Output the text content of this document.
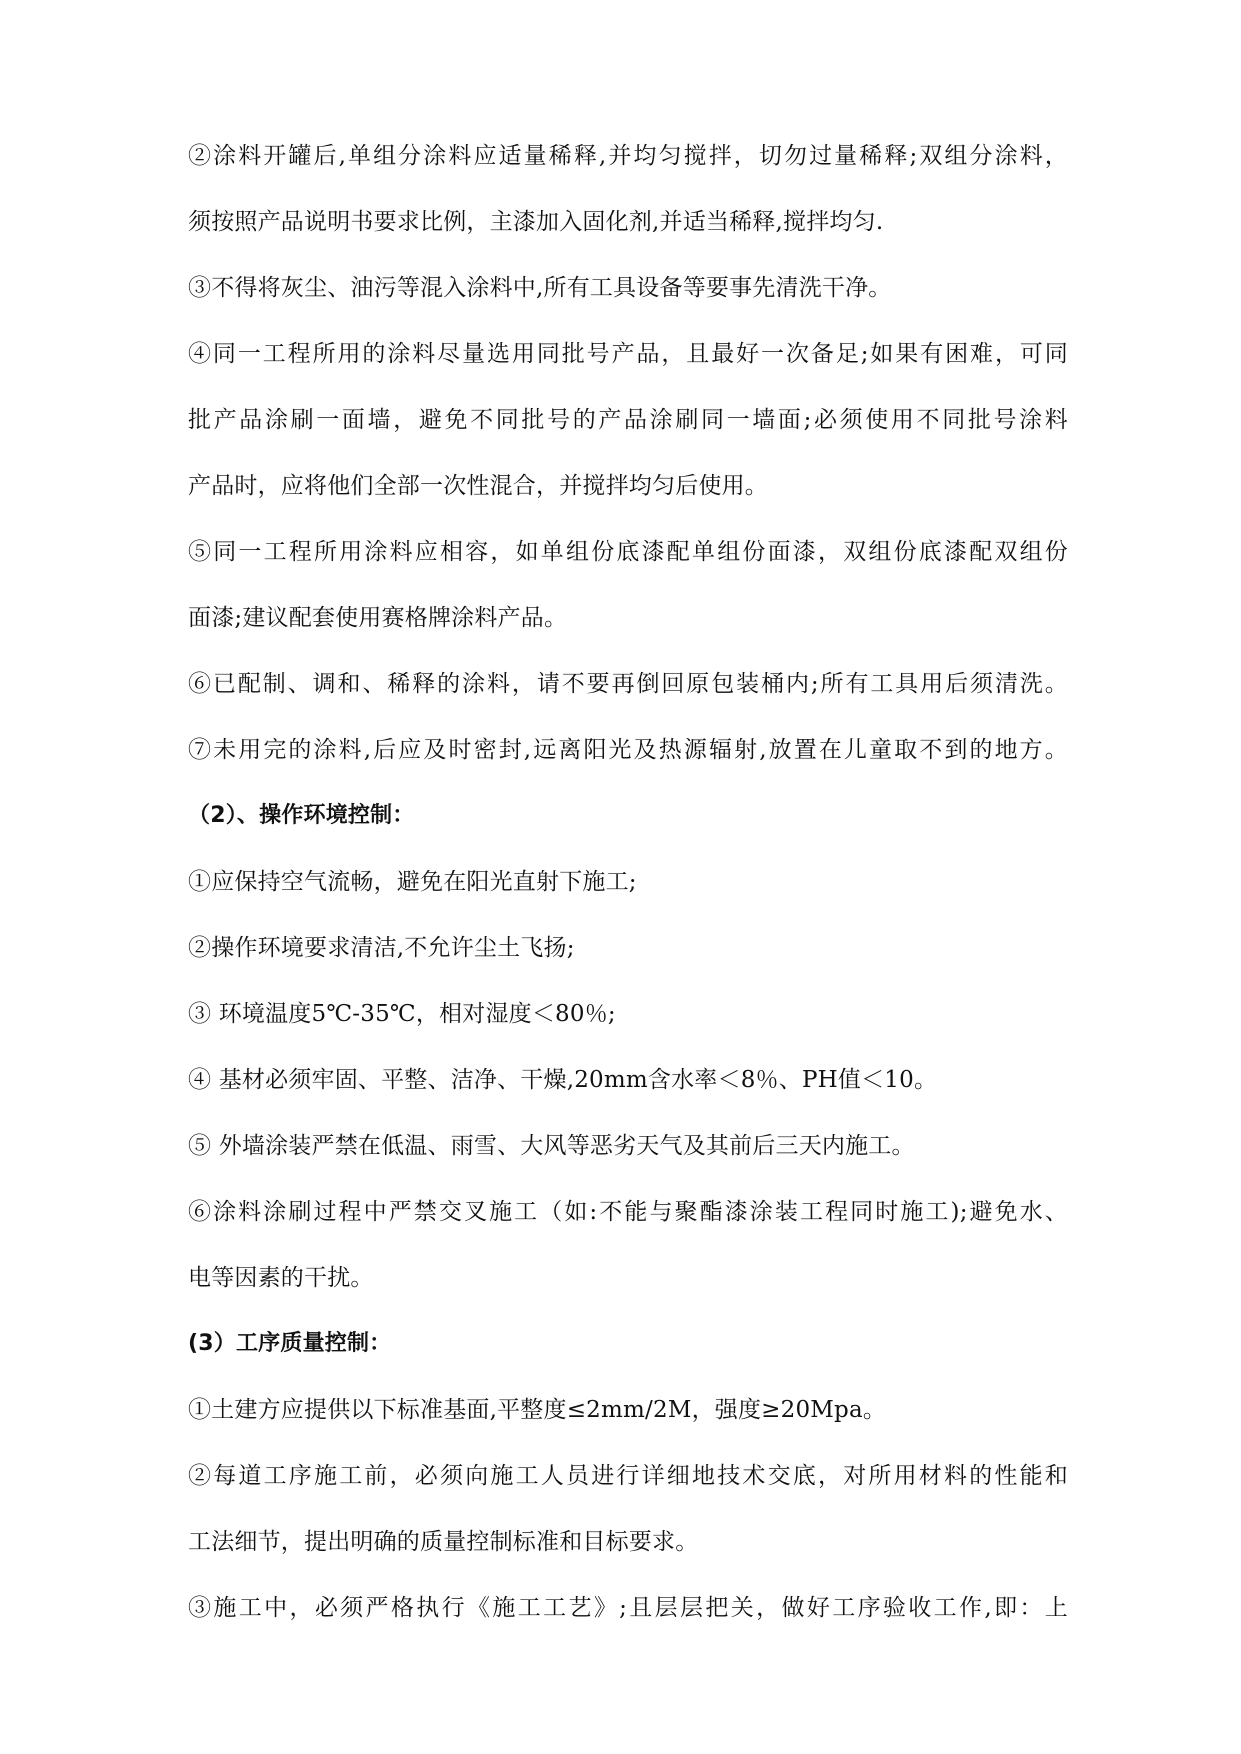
②涂料开罐后,单组分涂料应适量稀释,并均匀搅拌，切勿过量稀释;双组分涂料，

须按照产品说明书要求比例，主漆加入固化剂,并适当稀释,搅拌均匀.

③不得将灰尘、油污等混入涂料中,所有工具设备等要事先清洗干净。

④同一工程所用的涂料尽量选用同批号产品，且最好一次备足;如果有困难，可同

批产品涂刷一面墙，避免不同批号的产品涂刷同一墙面;必须使用不同批号涂料

产品时，应将他们全部一次性混合，并搅拌均匀后使用。

⑤同一工程所用涂料应相容，如单组份底漆配单组份面漆，双组份底漆配双组份

面漆;建议配套使用赛格牌涂料产品。

⑥已配制、调和、稀释的涂料，请不要再倒回原包装桶内;所有工具用后须清洗。

⑦未用完的涂料,后应及时密封,远离阳光及热源辐射,放置在儿童取不到的地方。

（2）、操作环境控制：

①应保持空气流畅，避免在阳光直射下施工;

②操作环境要求清洁,不允许尘土飞扬;

③ 环境温度5℃-35℃，相对湿度＜80％;

④ 基材必须牢固、平整、洁净、干燥,20mm含水率＜8％、PH值＜10。

⑤ 外墙涂装严禁在低温、雨雪、大风等恶劣天气及其前后三天内施工。

⑥涂料涂刷过程中严禁交叉施工（如:不能与聚酯漆涂装工程同时施工);避免水、

电等因素的干扰。

(3）工序质量控制：

①土建方应提供以下标准基面,平整度≤2mm/2M，强度≥20Mpa。

②每道工序施工前，必须向施工人员进行详细地技术交底，对所用材料的性能和

工法细节，提出明确的质量控制标准和目标要求。

③施工中，必须严格执行《施工工艺》;且层层把关，做好工序验收工作,即：上
